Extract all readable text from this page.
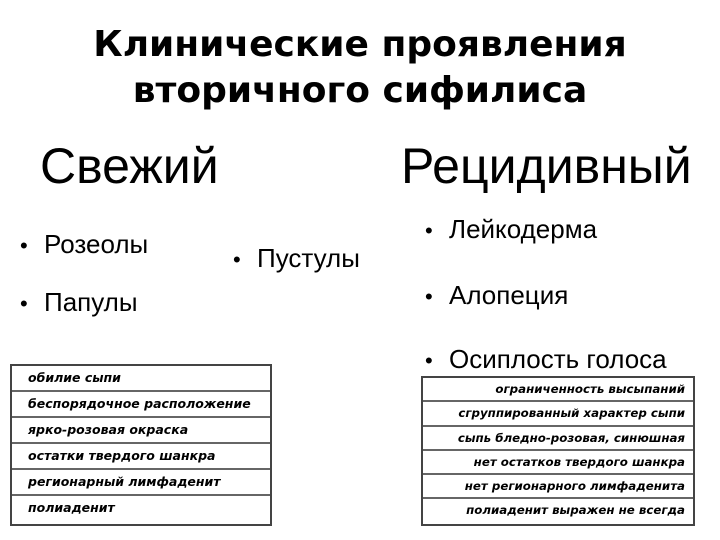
Клинические проявления
вторичного сифилиса
Свежий	Рецидивный
• Розеолы
• Папулы
• Пустулы
• Лейкодерма
• Алопеция
• Осиплость голоса
обилие сыпи
беспорядочное расположение
ярко-розовая окраска
остатки твердого шанкра
регионарный лимфаденит
полиаденит
ограниченность высыпаний
сгруппированный характер сыпи
сыпь бледно-розовая, синюшная
нет остатков твердого шанкра
нет регионарного лимфаденита
полиаденит выражен не всегда
